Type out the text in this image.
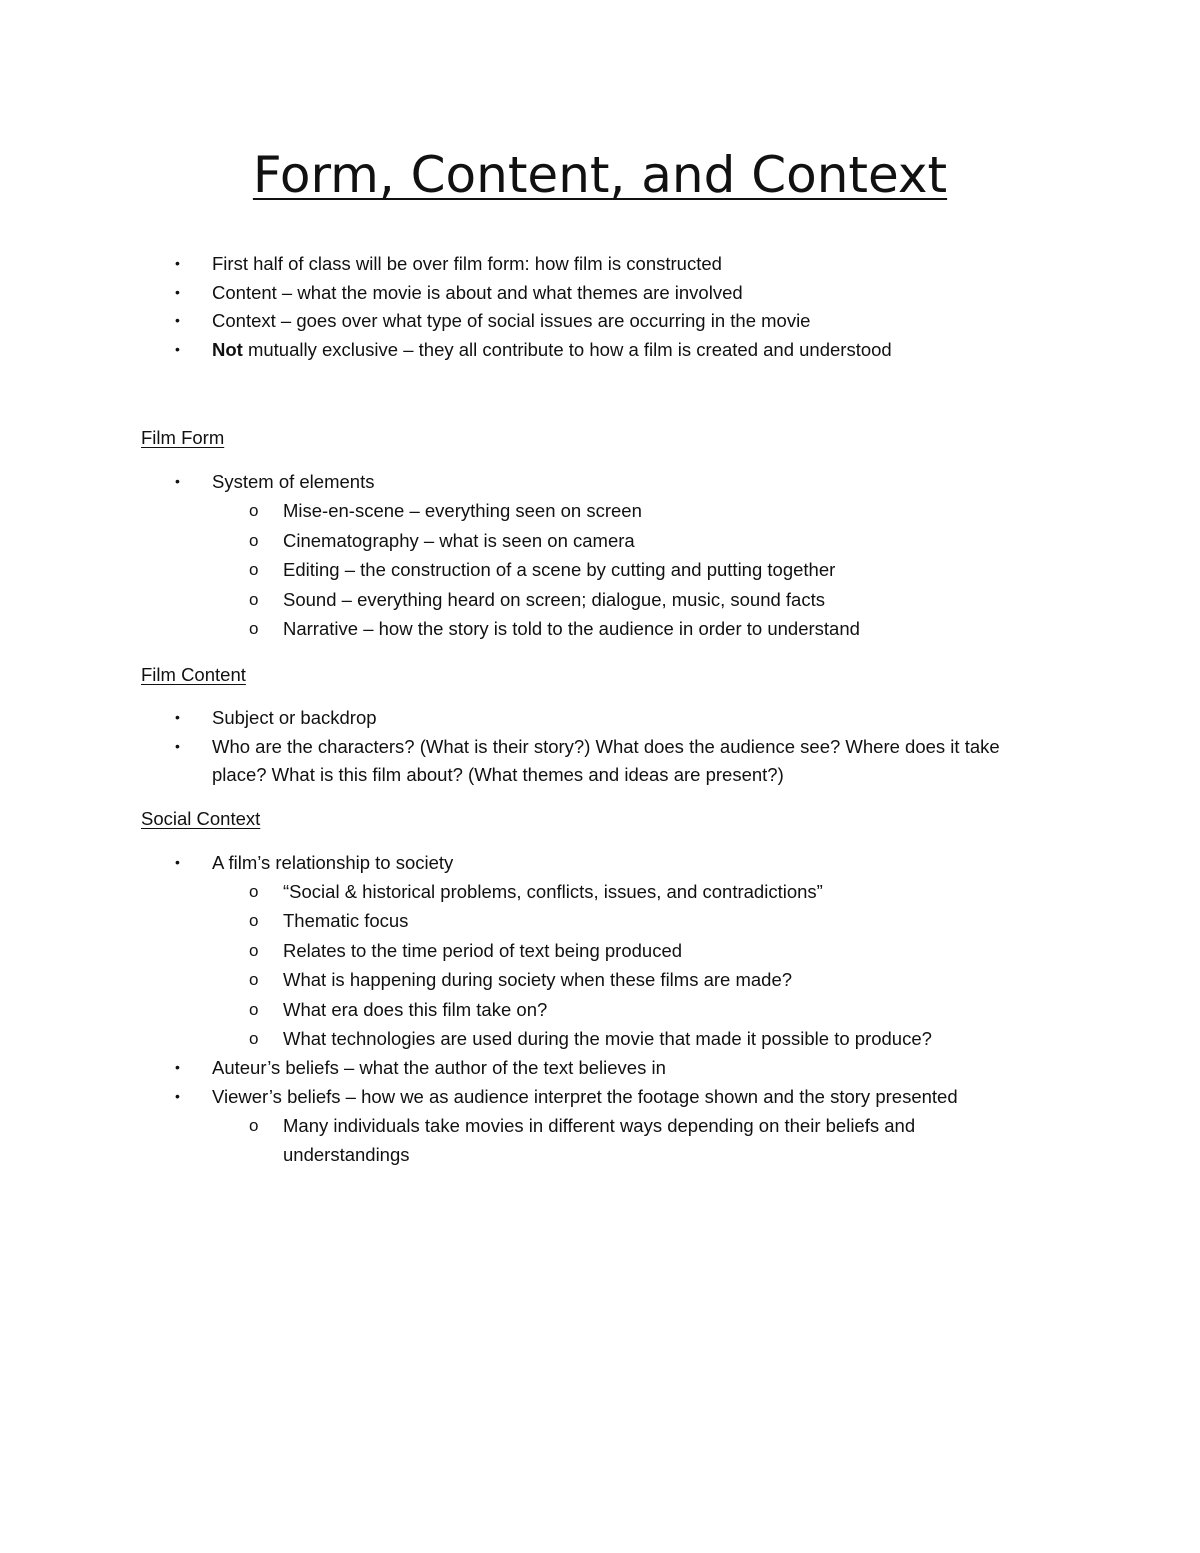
Form, Content, and Context
• First half of class will be over film form: how film is constructed

• Content – what the movie is about and what themes are involved

• Context – goes over what type of social issues are occurring in the movie

• Not mutually exclusive – they all contribute to how a film is created and understood

Film Form

• System of elements

o Mise-en-scene – everything seen on screen

o Cinematography – what is seen on camera

o Editing – the construction of a scene by cutting and putting together

o Sound – everything heard on screen; dialogue, music, sound facts

o Narrative – how the story is told to the audience in order to understand

Film Content

• Subject or backdrop

• Who are the characters? (What is their story?) What does the audience see? Where does it take

place? What is this film about? (What themes and ideas are present?)

Social Context

• A film’s relationship to society

o “Social & historical problems, conflicts, issues, and contradictions”

o Thematic focus

o Relates to the time period of text being produced

o What is happening during society when these films are made?

o What era does this film take on?

o What technologies are used during the movie that made it possible to produce?

• Auteur’s beliefs – what the author of the text believes in

• Viewer’s beliefs – how we as audience interpret the footage shown and the story presented

o Many individuals take movies in different ways depending on their beliefs and

understandings
